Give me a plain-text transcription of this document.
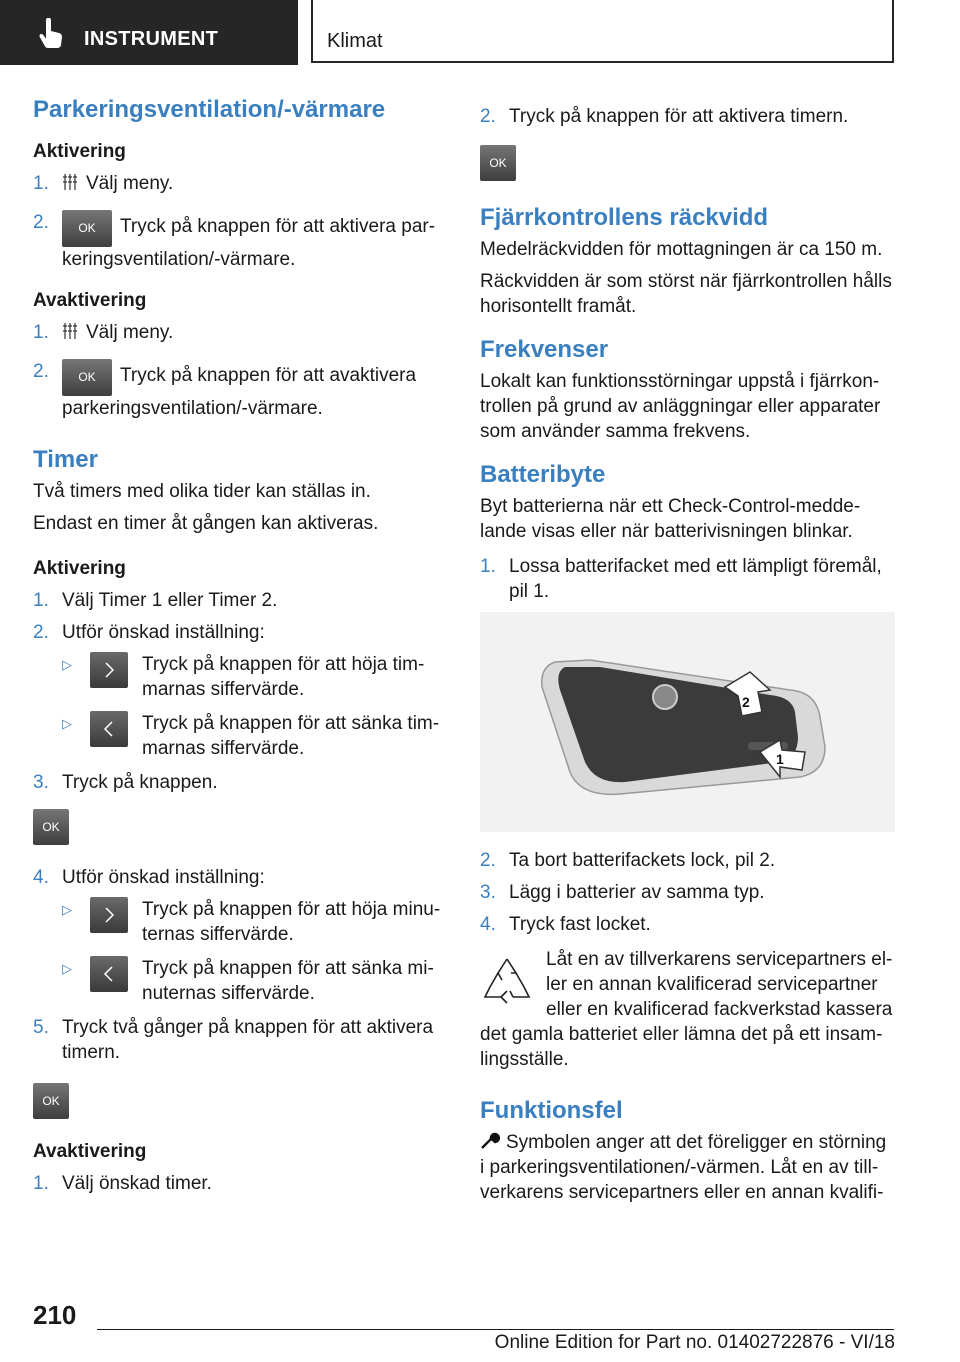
INSTRUMENT	Klimat
Parkeringsventilation/-värmare
Aktivering
1. Välj meny.
2. OK Tryck på knappen för att aktivera parkeringsventilation/-värmare.
Avaktivering
1. Välj meny.
2. OK Tryck på knappen för att avaktivera parkeringsventilation/-värmare.
Timer

Två timers med olika tider kan ställas in.

Endast en timer åt gången kan aktiveras.

Aktivering
1. Välj Timer 1 eller Timer 2.
2. Utför önskad inställning:
▷	Tryck på knappen för att höja timmarnas siffervärde.
▷	Tryck på knappen för att sänka timmarnas siffervärde.
3. Tryck på knappen.
OK
4. Utför önskad inställning:
▷	Tryck på knappen för att höja minuternas siffervärde.
▷	Tryck på knappen för att sänka minuternas siffervärde.
5. Tryck två gånger på knappen för att aktivera timern.
OK
Avaktivering
1. Välj önskad timer.
2. Tryck på knappen för att aktivera timern.
OK
Fjärrkontrollens räckvidd

Medelräckvidden för mottagningen är ca 150 m.

Räckvidden är som störst när fjärrkontrollen hålls horisontellt framåt.

Frekvenser

Lokalt kan funktionsstörningar uppstå i fjärrkontrollen på grund av anläggningar eller apparater som använder samma frekvens.

Batteribyte

Byt batterierna när ett Check-Control-meddelande visas eller när batterivisningen blinkar.

1. Lossa batterifacket med ett lämpligt föremål, pil 1.
2
1
2. Ta bort batterifackets lock, pil 2.
3. Lägg i batterier av samma typ.
4. Tryck fast locket.
Låt en av tillverkarens servicepartners eller en annan kvalificerad servicepartner eller en kvalificerad fackverkstad kassera det gamla batteriet eller lämna det på ett insamlingsställe.
Funktionsfel

Symbolen anger att det föreligger en störning i parkeringsventilationen/-värmen. Låt en av tillverkarens servicepartners eller en annan kvalifi-

210
Online Edition for Part no. 01402722876 - VI/18
